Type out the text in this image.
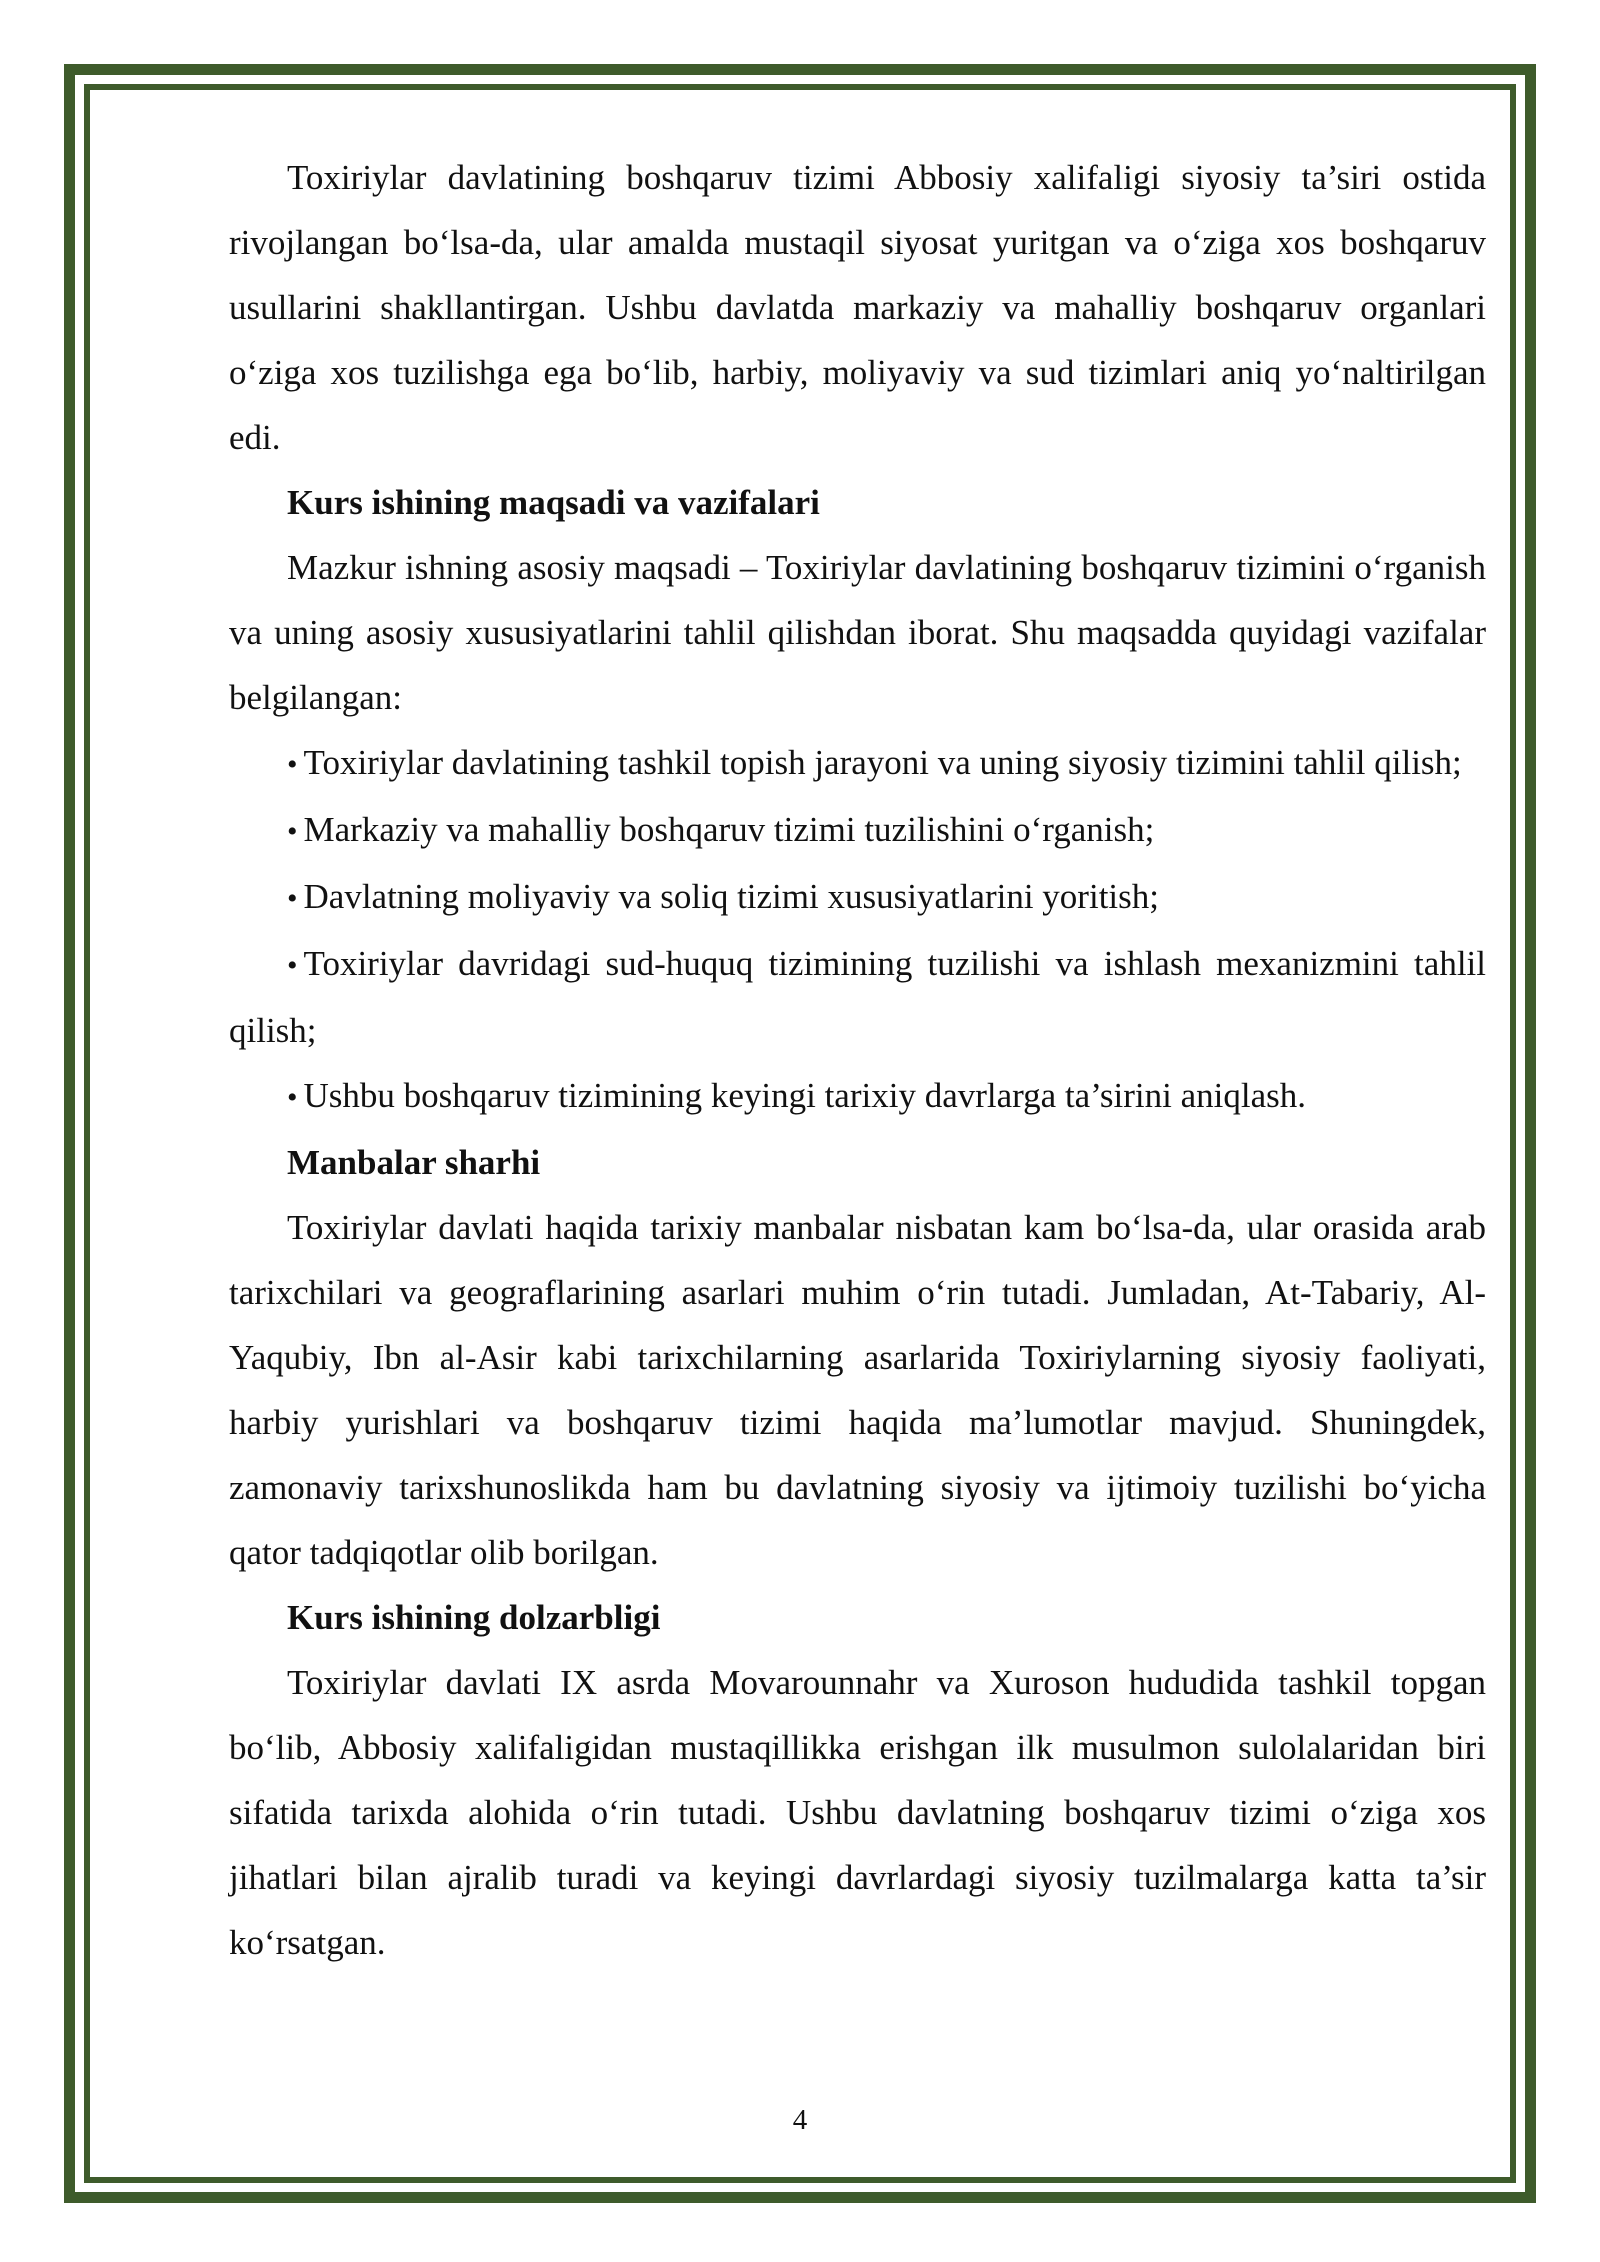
Toxiriylar davlatining boshqaruv tizimi Abbosiy xalifaligi siyosiy ta’siri ostida rivojlangan bo‘lsa-da, ular amalda mustaqil siyosat yuritgan va o‘ziga xos boshqaruv usullarini shakllantirgan. Ushbu davlatda markaziy va mahalliy boshqaruv organlari o‘ziga xos tuzilishga ega bo‘lib, harbiy, moliyaviy va sud tizimlari aniq yo‘naltirilgan edi.

Kurs ishining maqsadi va vazifalari

Mazkur ishning asosiy maqsadi – Toxiriylar davlatining boshqaruv tizimini o‘rganish va uning asosiy xususiyatlarini tahlil qilishdan iborat. Shu maqsadda quyidagi vazifalar belgilangan:

• Toxiriylar davlatining tashkil topish jarayoni va uning siyosiy tizimini tahlil qilish;

• Markaziy va mahalliy boshqaruv tizimi tuzilishini o‘rganish;

• Davlatning moliyaviy va soliq tizimi xususiyatlarini yoritish;

• Toxiriylar davridagi sud-huquq tizimining tuzilishi va ishlash mexanizmini tahlil qilish;

• Ushbu boshqaruv tizimining keyingi tarixiy davrlarga ta’sirini aniqlash.

Manbalar sharhi

Toxiriylar davlati haqida tarixiy manbalar nisbatan kam bo‘lsa-da, ular orasida arab tarixchilari va geograflarining asarlari muhim o‘rin tutadi. Jumladan, At-Tabariy, Al-Yaqubiy, Ibn al-Asir kabi tarixchilarning asarlarida Toxiriylarning siyosiy faoliyati, harbiy yurishlari va boshqaruv tizimi haqida ma’lumotlar mavjud. Shuningdek, zamonaviy tarixshunoslikda ham bu davlatning siyosiy va ijtimoiy tuzilishi bo‘yicha qator tadqiqotlar olib borilgan.

Kurs ishining dolzarbligi

Toxiriylar davlati IX asrda Movarounnahr va Xuroson hududida tashkil topgan bo‘lib, Abbosiy xalifaligidan mustaqillikka erishgan ilk musulmon sulolalaridan biri sifatida tarixda alohida o‘rin tutadi. Ushbu davlatning boshqaruv tizimi o‘ziga xos jihatlari bilan ajralib turadi va keyingi davrlardagi siyosiy tuzilmalarga katta ta’sir ko‘rsatgan.

4
